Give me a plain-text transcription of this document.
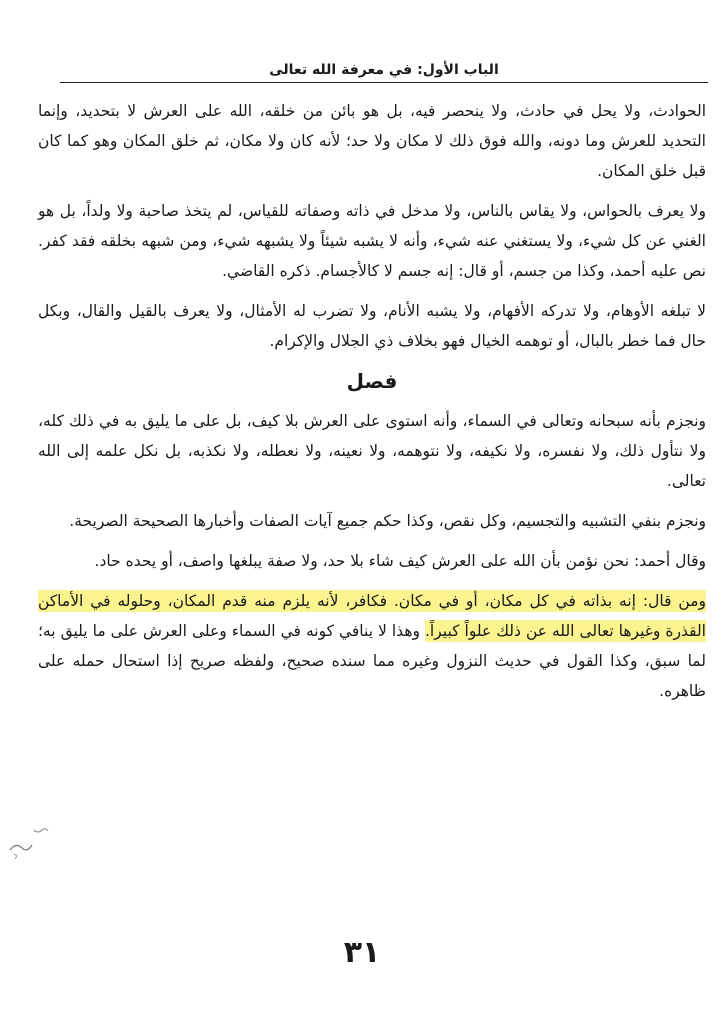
الباب الأول: في معرفة الله تعالى

الحوادث، ولا يحل في حادث، ولا ينحصر فيه، بل هو بائن من خلقه، الله على العرش لا بتحديد، وإنما التحديد للعرش وما دونه، والله فوق ذلك لا مكان ولا حد؛ لأنه كان ولا مكان، ثم خلق المكان وهو كما كان قبل خلق المكان.

ولا يعرف بالحواس، ولا يقاس بالناس، ولا مدخل في ذاته وصفاته للقياس، لم يتخذ صاحبة ولا ولداً، بل هو الغني عن كل شيء، ولا يستغني عنه شيء، وأنه لا يشبه شيئاً ولا يشبهه شيء، ومن شبهه بخلقه فقد كفر. نص عليه أحمد، وكذا من جسم، أو قال: إنه جسم لا كالأجسام. ذكره القاضي.

لا تبلغه الأوهام، ولا تدركه الأفهام، ولا يشبه الأنام، ولا تضرب له الأمثال، ولا يعرف بالقيل والقال، وبكل حال فما خطر بالبال، أو توهمه الخيال فهو بخلاف ذي الجلال والإكرام.

فصل

ونجزم بأنه سبحانه وتعالى في السماء، وأنه استوى على العرش بلا كيف، بل على ما يليق به في ذلك كله، ولا نتأول ذلك، ولا نفسره، ولا نكيفه، ولا نتوهمه، ولا نعينه، ولا نعطله، ولا نكذبه، بل نكل علمه إلى الله تعالى.

ونجزم بنفي التشبيه والتجسيم، وكل نقص، وكذا حكم جميع آيات الصفات وأخبارها الصحيحة الصريحة.

وقال أحمد: نحن نؤمن بأن الله على العرش كيف شاء بلا حد، ولا صفة يبلغها واصف، أو يحده حاد.

ومن قال: إنه بذاته في كل مكان، أو في مكان. فكافر، لأنه يلزم منه قدم المكان، وحلوله في الأماكن القذرة وغيرها تعالى الله عن ذلك علواً كبيراً. وهذا لا ينافي كونه في السماء وعلى العرش على ما يليق به؛ لما سبق، وكذا القول في حديث النزول وغيره مما سنده صحيح، ولفظه صريح إذا استحال حمله على ظاهره.

٣١
